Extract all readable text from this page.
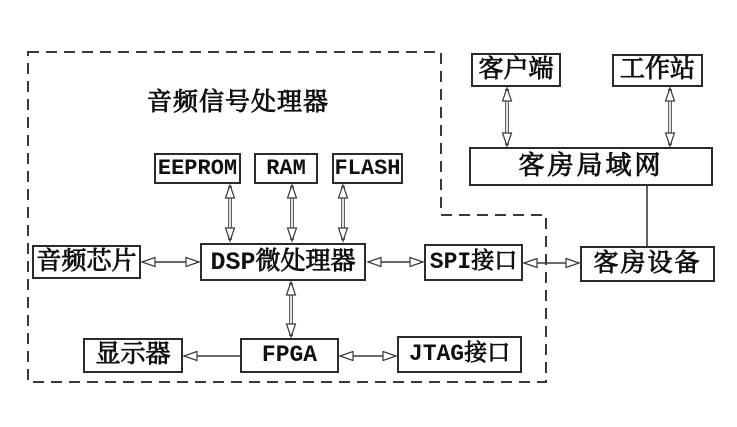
音频信号处理器
客户端	工作站
客房局域网
EEPROM	RAM	FLASH
音频芯片	DSP微处理器	SPI接口	客房设备
显示器	FPGA	JTAG接口
